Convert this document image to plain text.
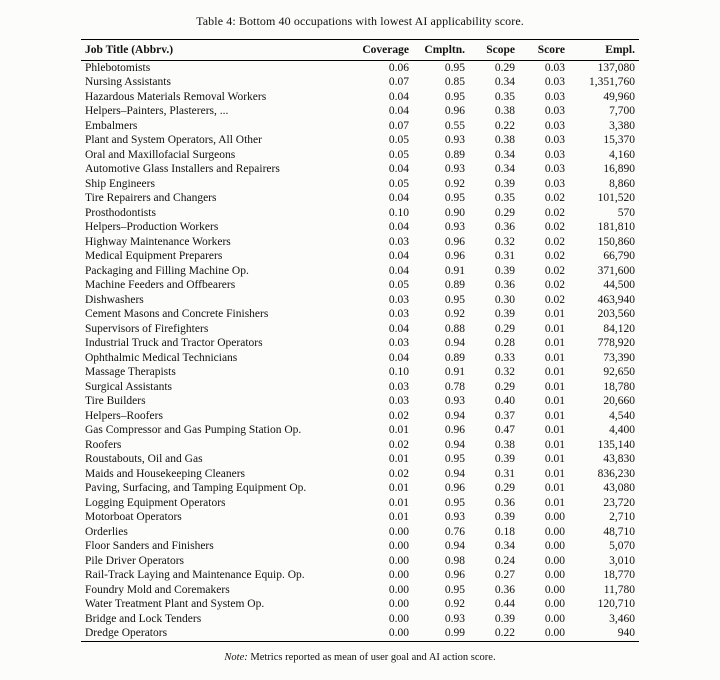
Table 4: Bottom 40 occupations with lowest AI applicability score.
Job Title (Abbrv.)	Coverage	Cmpltn.	Scope	Score	Empl.
Phlebotomists	0.06	0.95	0.29	0.03	137,080
Nursing Assistants	0.07	0.85	0.34	0.03	1,351,760
Hazardous Materials Removal Workers	0.04	0.95	0.35	0.03	49,960
Helpers–Painters, Plasterers, ...	0.04	0.96	0.38	0.03	7,700
Embalmers	0.07	0.55	0.22	0.03	3,380
Plant and System Operators, All Other	0.05	0.93	0.38	0.03	15,370
Oral and Maxillofacial Surgeons	0.05	0.89	0.34	0.03	4,160
Automotive Glass Installers and Repairers	0.04	0.93	0.34	0.03	16,890
Ship Engineers	0.05	0.92	0.39	0.03	8,860
Tire Repairers and Changers	0.04	0.95	0.35	0.02	101,520
Prosthodontists	0.10	0.90	0.29	0.02	570
Helpers–Production Workers	0.04	0.93	0.36	0.02	181,810
Highway Maintenance Workers	0.03	0.96	0.32	0.02	150,860
Medical Equipment Preparers	0.04	0.96	0.31	0.02	66,790
Packaging and Filling Machine Op.	0.04	0.91	0.39	0.02	371,600
Machine Feeders and Offbearers	0.05	0.89	0.36	0.02	44,500
Dishwashers	0.03	0.95	0.30	0.02	463,940
Cement Masons and Concrete Finishers	0.03	0.92	0.39	0.01	203,560
Supervisors of Firefighters	0.04	0.88	0.29	0.01	84,120
Industrial Truck and Tractor Operators	0.03	0.94	0.28	0.01	778,920
Ophthalmic Medical Technicians	0.04	0.89	0.33	0.01	73,390
Massage Therapists	0.10	0.91	0.32	0.01	92,650
Surgical Assistants	0.03	0.78	0.29	0.01	18,780
Tire Builders	0.03	0.93	0.40	0.01	20,660
Helpers–Roofers	0.02	0.94	0.37	0.01	4,540
Gas Compressor and Gas Pumping Station Op.	0.01	0.96	0.47	0.01	4,400
Roofers	0.02	0.94	0.38	0.01	135,140
Roustabouts, Oil and Gas	0.01	0.95	0.39	0.01	43,830
Maids and Housekeeping Cleaners	0.02	0.94	0.31	0.01	836,230
Paving, Surfacing, and Tamping Equipment Op.	0.01	0.96	0.29	0.01	43,080
Logging Equipment Operators	0.01	0.95	0.36	0.01	23,720
Motorboat Operators	0.01	0.93	0.39	0.00	2,710
Orderlies	0.00	0.76	0.18	0.00	48,710
Floor Sanders and Finishers	0.00	0.94	0.34	0.00	5,070
Pile Driver Operators	0.00	0.98	0.24	0.00	3,010
Rail-Track Laying and Maintenance Equip. Op.	0.00	0.96	0.27	0.00	18,770
Foundry Mold and Coremakers	0.00	0.95	0.36	0.00	11,780
Water Treatment Plant and System Op.	0.00	0.92	0.44	0.00	120,710
Bridge and Lock Tenders	0.00	0.93	0.39	0.00	3,460
Dredge Operators	0.00	0.99	0.22	0.00	940
Note: Metrics reported as mean of user goal and AI action score.
